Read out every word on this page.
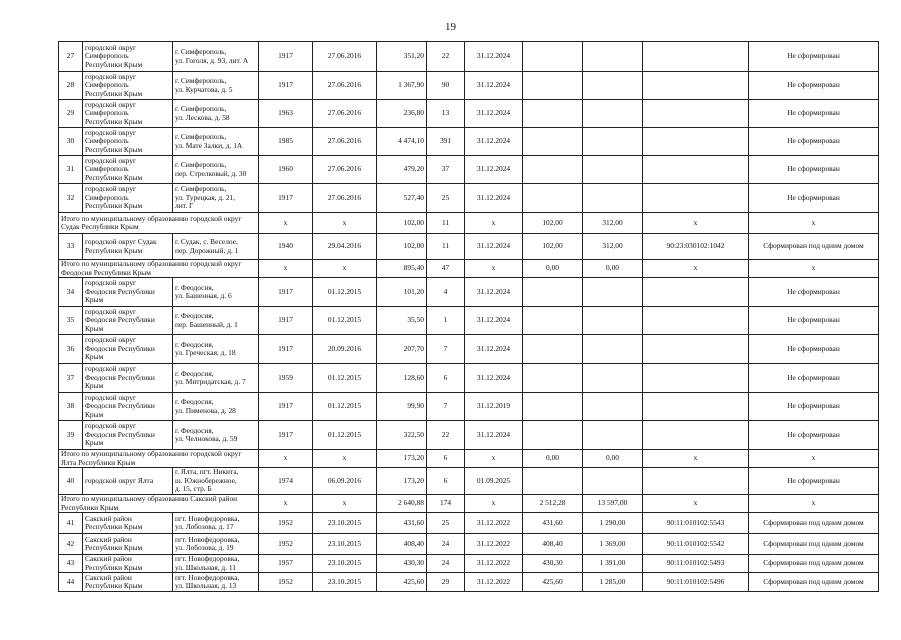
19
27	городской округ
Симферополь
Республики Крым	г. Симферополь,
ул. Гоголя, д. 93, лит. А	1917	27.06.2016	351,20	22	31.12.2024				Не сформирован

28	городской округ
Симферополь
Республики Крым	г. Симферополь,
ул. Курчатова, д. 5	1917	27.06.2016	1 367,90	90	31.12.2024				Не сформирован

29	городской округ
Симферополь
Республики Крым	г. Симферополь,
ул. Лескова, д. 58	1963	27.06.2016	236,80	13	31.12.2024				Не сформирован

30	городской округ
Симферополь
Республики Крым	г. Симферополь,
ул. Мате Залки, д. 1А	1985	27.06.2016	4 474,10	391	31.12.2024				Не сформирован

31	городской округ
Симферополь
Республики Крым	г. Симферополь,
пер. Стрелковый, д. 30	1960	27.06.2016	479,20	37	31.12.2024				Не сформирован

32	городской округ
Симферополь
Республики Крым	г. Симферополь,
ул. Турецкая, д. 21,
лит. Г	1917	27.06.2016	527,40	25	31.12.2024				Не сформирован

Итого по муниципальному образованию городской округ
Судак Республики Крым			x	x	102,00	11	x	102,00	312,00	x	x

33	городской округ Судак
Республики Крым	г. Судак, с. Веселое,
пер. Дорожный, д. 1	1940	29.04.2016	102,00	11	31.12.2024	102,00	312,00	90:23:030102:1042	Сформирован под одним домом

Итого по муниципальному образованию городской округ
Феодосия Республики Крым			x	x	895,40	47	x	0,00	0,00	x	x

34	городской округ
Феодосия Республики
Крым	г. Феодосия,
ул. Башенная, д. 6	1917	01.12.2015	101,20	4	31.12.2024				Не сформирован

35	городской округ
Феодосия Республики
Крым	г. Феодосия,
пер. Башенный, д. 1	1917	01.12.2015	35,50	1	31.12.2024				Не сформирован

36	городской округ
Феодосия Республики
Крым	г. Феодосия,
ул. Греческая, д. 18	1917	20.09.2016	207,70	7	31.12.2024				Не сформирован

37	городской округ
Феодосия Республики
Крым	г. Феодосия,
ул. Митридатская, д. 7	1959	01.12.2015	128,60	6	31.12.2024				Не сформирован

38	городской округ
Феодосия Республики
Крым	г. Феодосия,
ул. Пименова, д. 28	1917	01.12.2015	99,90	7	31.12.2019				Не сформирован

39	городской округ
Феодосия Республики
Крым	г. Феодосия,
ул. Челнокова, д. 59	1917	01.12.2015	322,50	22	31.12.2024				Не сформирован

Итого по муниципальному образованию городской округ
Ялта Республики Крым			x	x	173,20	6	x	0,00	0,00	x	x

40	городской округ Ялта	г. Ялта, пгт. Никита,
ш. Южнобережное,
д. 15, стр. Б	1974	06.09.2016	173,20	6	01.09.2025				Не сформирован

Итого по муниципальному образованию Сакский район
Республики Крым			x	x	2 640,88	174	x	2 512,28	13 597,00	x	x

41	Сакский район
Республики Крым	пгт. Новофедоровка,
ул. Лобозова, д. 17	1952	23.10.2015	431,60	25	31.12.2022	431,60	1 290,00	90:11:010102:5543	Сформирован под одним домом

42	Сакский район
Республики Крым	пгт. Новофедоровка,
ул. Лобозова, д. 19	1952	23.10.2015	408,40	24	31.12.2022	408,40	1 369,00	90:11:010102:5542	Сформирован под одним домом

43	Сакский район
Республики Крым	пгт. Новофедоровка,
ул. Школьная, д. 11	1957	23.10.2015	430,30	24	31.12.2022	430,30	1 391,00	90:11:010102:5493	Сформирован под одним домом

44	Сакский район
Республики Крым	пгт. Новофедоровка,
ул. Школьная, д. 13	1952	23.10.2015	425,60	29	31.12.2022	425,60	1 285,00	90:11:010102:5496	Сформирован под одним домом
